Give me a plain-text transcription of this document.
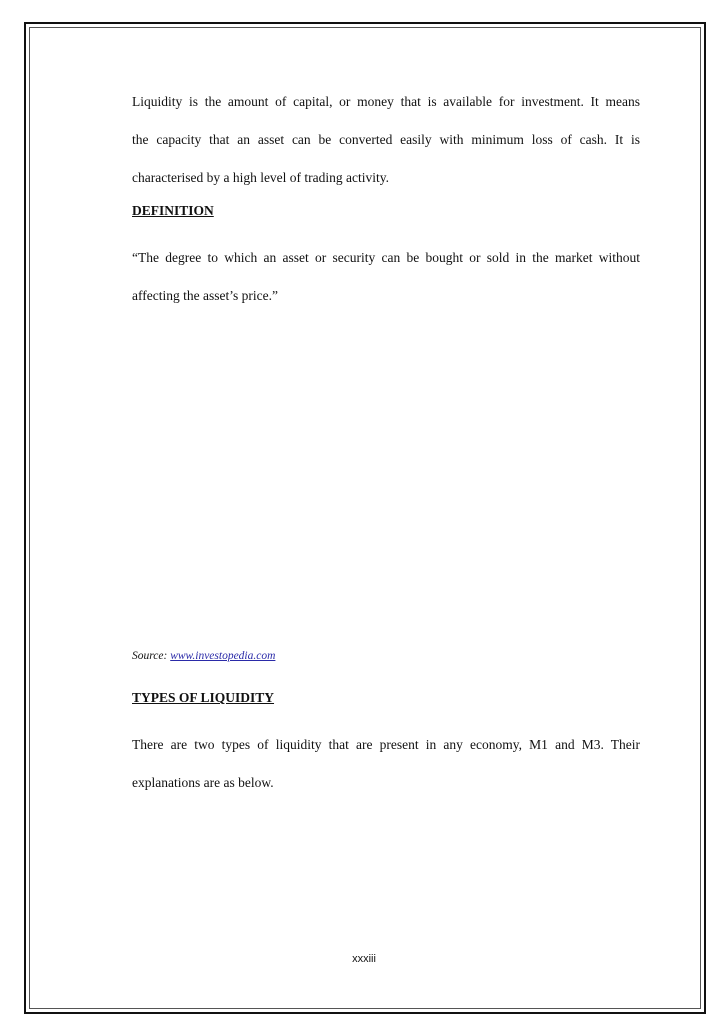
Liquidity is the amount of capital, or money that is available for investment. It means
the capacity that an asset can be converted easily with minimum loss of cash. It is
characterised by a high level of trading activity.

DEFINITION

“The degree to which an asset or security can be bought or sold in the market without
affecting the asset’s price.”

Source: www.investopedia.com

TYPES OF LIQUIDITY

There are two types of liquidity that are present in any economy, M1 and M3. Their
explanations are as below.

xxxiii
